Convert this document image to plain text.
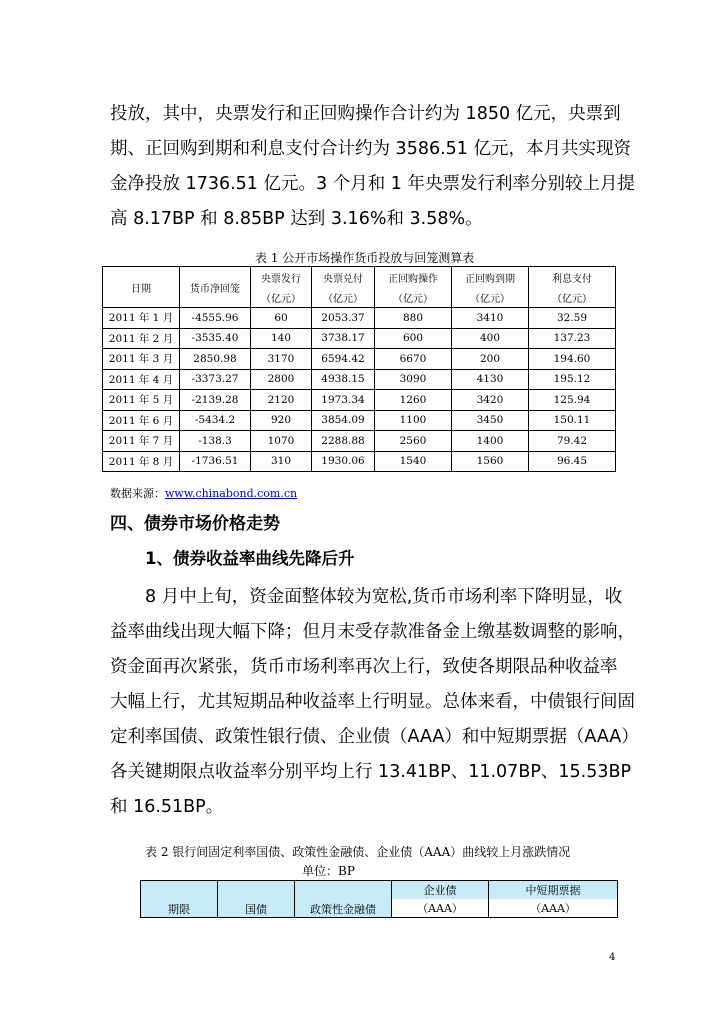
投放，其中，央票发行和正回购操作合计约为 1850 亿元，央票到
期、正回购到期和利息支付合计约为 3586.51 亿元，本月共实现资
金净投放 1736.51 亿元。3 个月和 1 年央票发行利率分别较上月提
高 8.17BP 和 8.85BP 达到 3.16%和 3.58%。
表 1 公开市场操作货币投放与回笼测算表
日期	货币净回笼	央票发行	央票兑付	正回购操作	正回购到期	利息支付
		（亿元）	（亿元）	（亿元）	（亿元）	（亿元）
2011 年 1 月	-4555.96	60	2053.37	880	3410	32.59
2011 年 2 月	-3535.40	140	3738.17	600	400	137.23
2011 年 3 月	2850.98	3170	6594.42	6670	200	194.60
2011 年 4 月	-3373.27	2800	4938.15	3090	4130	195.12
2011 年 5 月	-2139.28	2120	1973.34	1260	3420	125.94
2011 年 6 月	-5434.2	920	3854.09	1100	3450	150.11
2011 年 7 月	-138.3	1070	2288.88	2560	1400	79.42
2011 年 8 月	-1736.51	310	1930.06	1540	1560	96.45
数据来源：www.chinabond.com.cn
四、债券市场价格走势
1、债券收益率曲线先降后升
8 月中上旬，资金面整体较为宽松,货币市场利率下降明显，收
益率曲线出现大幅下降；但月末受存款准备金上缴基数调整的影响，
资金面再次紧张，货币市场利率再次上行，致使各期限品种收益率
大幅上行，尤其短期品种收益率上行明显。总体来看，中债银行间固
定利率国债、政策性银行债、企业债（AAA）和中短期票据（AAA）
各关键期限点收益率分别平均上行 13.41BP、11.07BP、15.53BP
和 16.51BP。
表 2 银行间固定利率国债、政策性金融债、企业债（AAA）曲线较上月涨跌情况
单位：BP
期限	国债	政策性金融债	企业债	中短期票据
			（AAA）	（AAA）
4
